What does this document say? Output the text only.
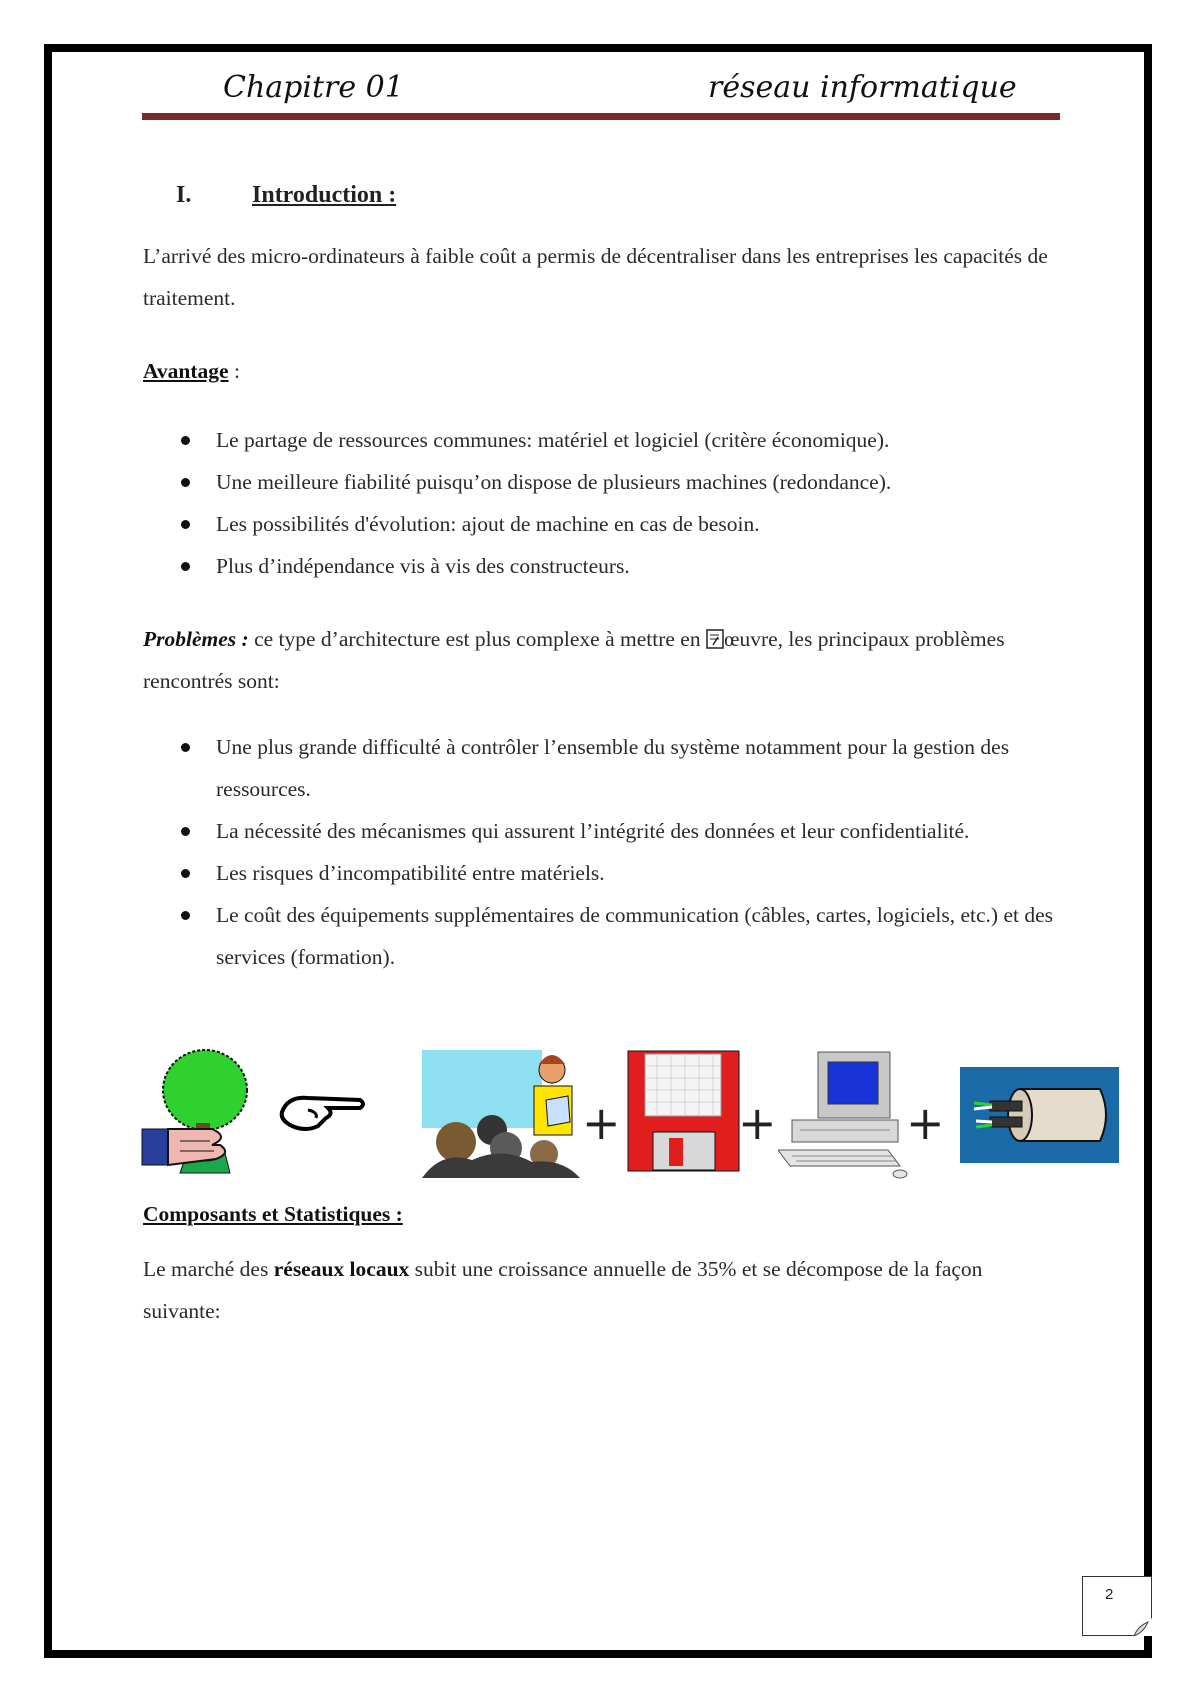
Chapitre 01	réseau informatique
I.	Introduction :
L’arrivé des micro-ordinateurs à faible coût a permis de décentraliser dans les entreprises les capacités de traitement.
Avantage :
Le partage de ressources communes: matériel et logiciel (critère économique).
Une meilleure fiabilité puisqu’on dispose de plusieurs machines (redondance).
Les possibilités d'évolution: ajout de machine en cas de besoin.
Plus d’indépendance vis à vis des constructeurs.
Problèmes : ce type d’architecture est plus complexe à mettre en œuvre, les principaux problèmes rencontrés sont:
Une plus grande difficulté à contrôler l’ensemble du système notamment pour la gestion des ressources.
La nécessité des mécanismes qui assurent l’intégrité des données et leur confidentialité.
Les risques d’incompatibilité entre matériels.
Le coût des équipements supplémentaires de communication (câbles, cartes, logiciels, etc.) et des services (formation).
+	+	+
Composants et Statistiques :
Le marché des réseaux locaux subit une croissance annuelle de 35% et se décompose de la façon suivante:
2
